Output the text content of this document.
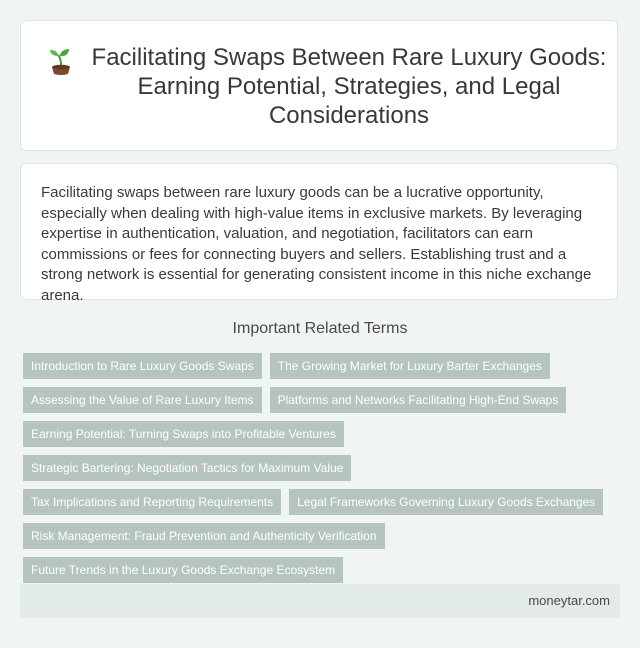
Facilitating Swaps Between Rare Luxury Goods: Earning Potential, Strategies, and Legal Considerations

Facilitating swaps between rare luxury goods can be a lucrative opportunity, especially when dealing with high-value items in exclusive markets. By leveraging expertise in authentication, valuation, and negotiation, facilitators can earn commissions or fees for connecting buyers and sellers. Establishing trust and a strong network is essential for generating consistent income in this niche exchange arena.

Important Related Terms
Introduction to Rare Luxury Goods Swaps	The Growing Market for Luxury Barter Exchanges
Assessing the Value of Rare Luxury Items	Platforms and Networks Facilitating High-End Swaps
Earning Potential: Turning Swaps into Profitable Ventures
Strategic Bartering: Negotiation Tactics for Maximum Value
Tax Implications and Reporting Requirements	Legal Frameworks Governing Luxury Goods Exchanges
Risk Management: Fraud Prevention and Authenticity Verification
Future Trends in the Luxury Goods Exchange Ecosystem
moneytar.com
